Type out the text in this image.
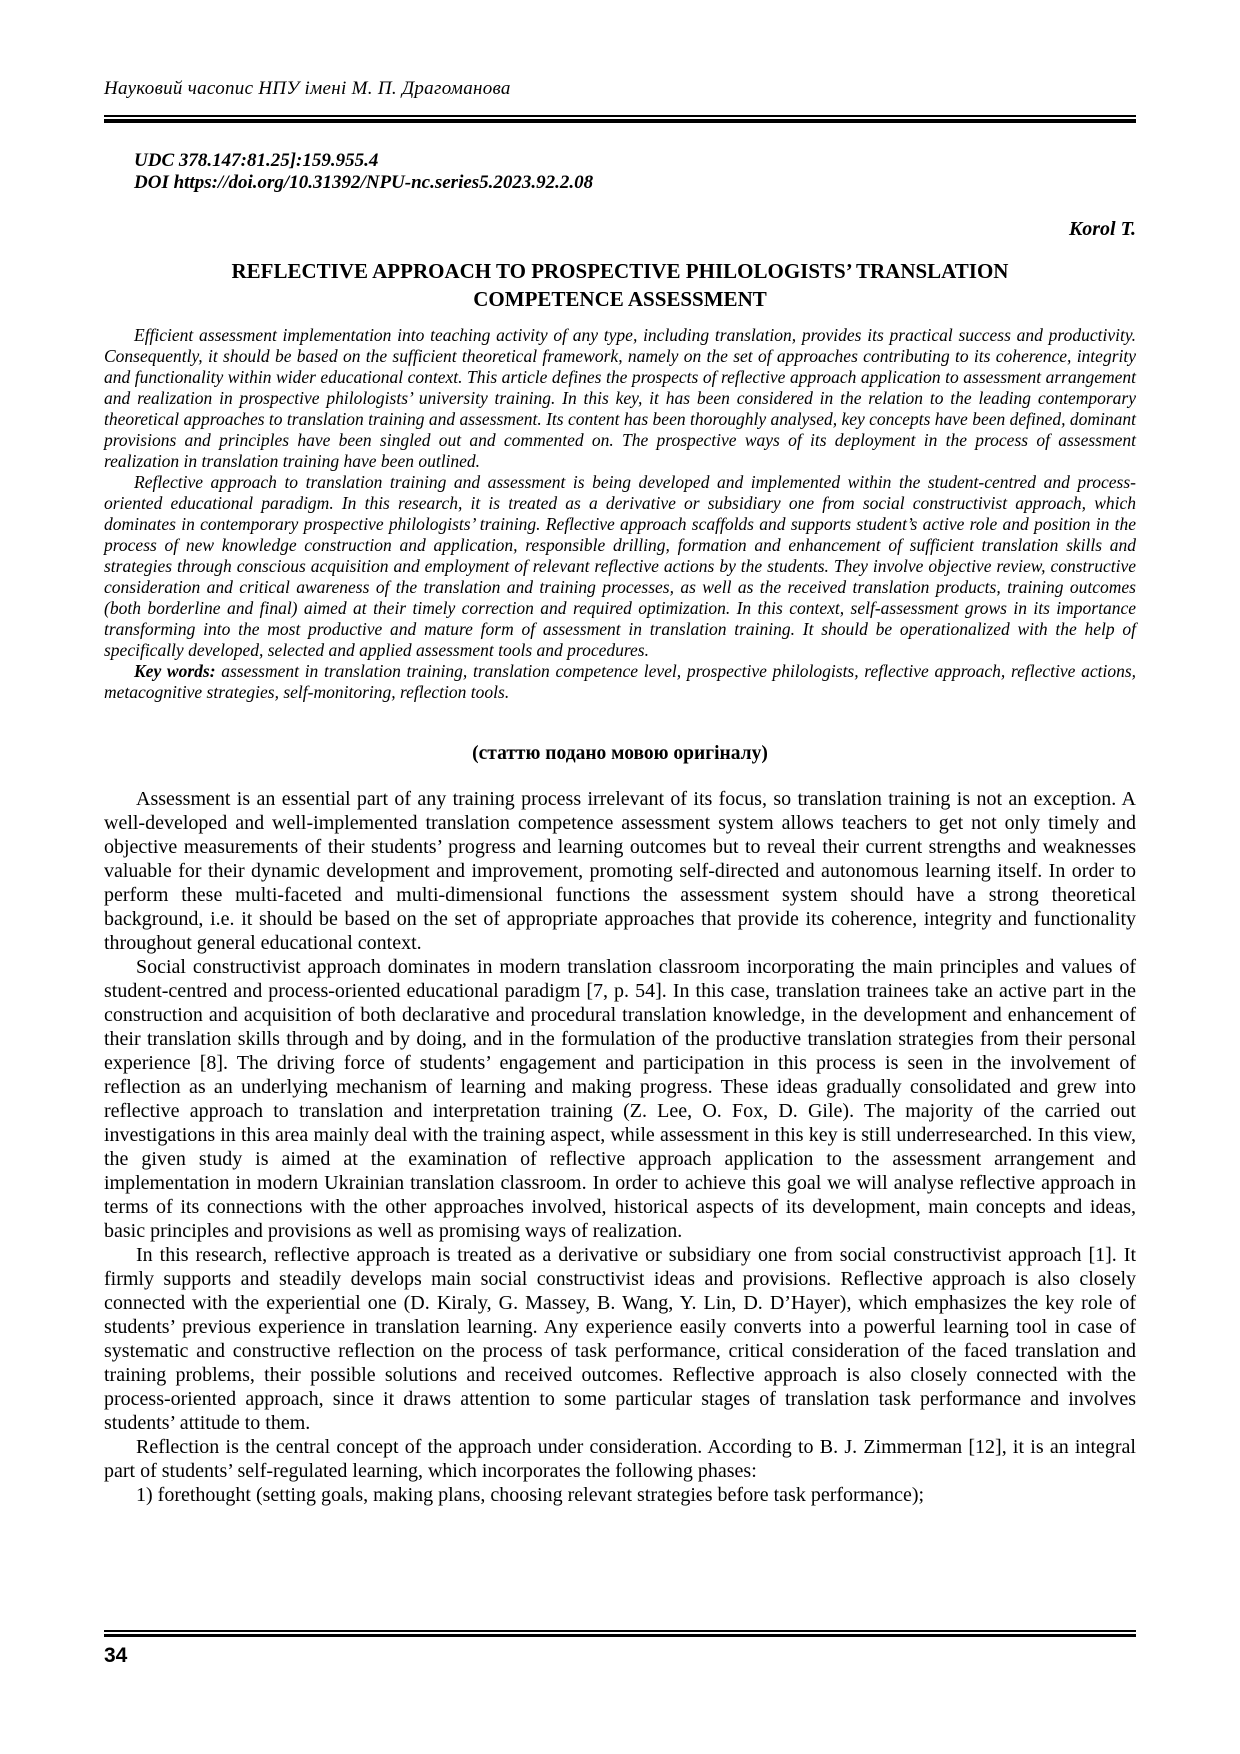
Науковий часопис НПУ імені М. П. Драгоманова
UDC 378.147:81.25]:159.955.4
DOI https://doi.org/10.31392/NPU-nc.series5.2023.92.2.08
Korol T.
REFLECTIVE APPROACH TO PROSPECTIVE PHILOLOGISTS’ TRANSLATION COMPETENCE ASSESSMENT

Efficient assessment implementation into teaching activity of any type, including translation, provides its practical success and productivity. Consequently, it should be based on the sufficient theoretical framework, namely on the set of approaches contributing to its coherence, integrity and functionality within wider educational context. This article defines the prospects of reflective approach application to assessment arrangement and realization in prospective philologists’ university training. In this key, it has been considered in the relation to the leading contemporary theoretical approaches to translation training and assessment. Its content has been thoroughly analysed, key concepts have been defined, dominant provisions and principles have been singled out and commented on. The prospective ways of its deployment in the process of assessment realization in translation training have been outlined.

Reflective approach to translation training and assessment is being developed and implemented within the student-centred and process-oriented educational paradigm. In this research, it is treated as a derivative or subsidiary one from social constructivist approach, which dominates in contemporary prospective philologists’ training. Reflective approach scaffolds and supports student’s active role and position in the process of new knowledge construction and application, responsible drilling, formation and enhancement of sufficient translation skills and strategies through conscious acquisition and employment of relevant reflective actions by the students. They involve objective review, constructive consideration and critical awareness of the translation and training processes, as well as the received translation products, training outcomes (both borderline and final) aimed at their timely correction and required optimization. In this context, self-assessment grows in its importance transforming into the most productive and mature form of assessment in translation training. It should be operationalized with the help of specifically developed, selected and applied assessment tools and procedures.

Key words: assessment in translation training, translation competence level, prospective philologists, reflective approach, reflective actions, metacognitive strategies, self-monitoring, reflection tools.

(статтю подано мовою оригіналу)

Assessment is an essential part of any training process irrelevant of its focus, so translation training is not an exception. A well-developed and well-implemented translation competence assessment system allows teachers to get not only timely and objective measurements of their students’ progress and learning outcomes but to reveal their current strengths and weaknesses valuable for their dynamic development and improvement, promoting self-directed and autonomous learning itself. In order to perform these multi-faceted and multi-dimensional functions the assessment system should have a strong theoretical background, i.e. it should be based on the set of appropriate approaches that provide its coherence, integrity and functionality throughout general educational context.

Social constructivist approach dominates in modern translation classroom incorporating the main principles and values of student-centred and process-oriented educational paradigm [7, p. 54]. In this case, translation trainees take an active part in the construction and acquisition of both declarative and procedural translation knowledge, in the development and enhancement of their translation skills through and by doing, and in the formulation of the productive translation strategies from their personal experience [8]. The driving force of students’ engagement and participation in this process is seen in the involvement of reflection as an underlying mechanism of learning and making progress. These ideas gradually consolidated and grew into reflective approach to translation and interpretation training (Z. Lee, O. Fox, D. Gile). The majority of the carried out investigations in this area mainly deal with the training aspect, while assessment in this key is still underresearched. In this view, the given study is aimed at the examination of reflective approach application to the assessment arrangement and implementation in modern Ukrainian translation classroom. In order to achieve this goal we will analyse reflective approach in terms of its connections with the other approaches involved, historical aspects of its development, main concepts and ideas, basic principles and provisions as well as promising ways of realization.

In this research, reflective approach is treated as a derivative or subsidiary one from social constructivist approach [1]. It firmly supports and steadily develops main social constructivist ideas and provisions. Reflective approach is also closely connected with the experiential one (D. Kiraly, G. Massey, B. Wang, Y. Lin, D. D’Hayer), which emphasizes the key role of students’ previous experience in translation learning. Any experience easily converts into a powerful learning tool in case of systematic and constructive reflection on the process of task performance, critical consideration of the faced translation and training problems, their possible solutions and received outcomes. Reflective approach is also closely connected with the process-oriented approach, since it draws attention to some particular stages of translation task performance and involves students’ attitude to them.

Reflection is the central concept of the approach under consideration. According to B. J. Zimmerman [12], it is an integral part of students’ self-regulated learning, which incorporates the following phases:

1) forethought (setting goals, making plans, choosing relevant strategies before task performance);

34
